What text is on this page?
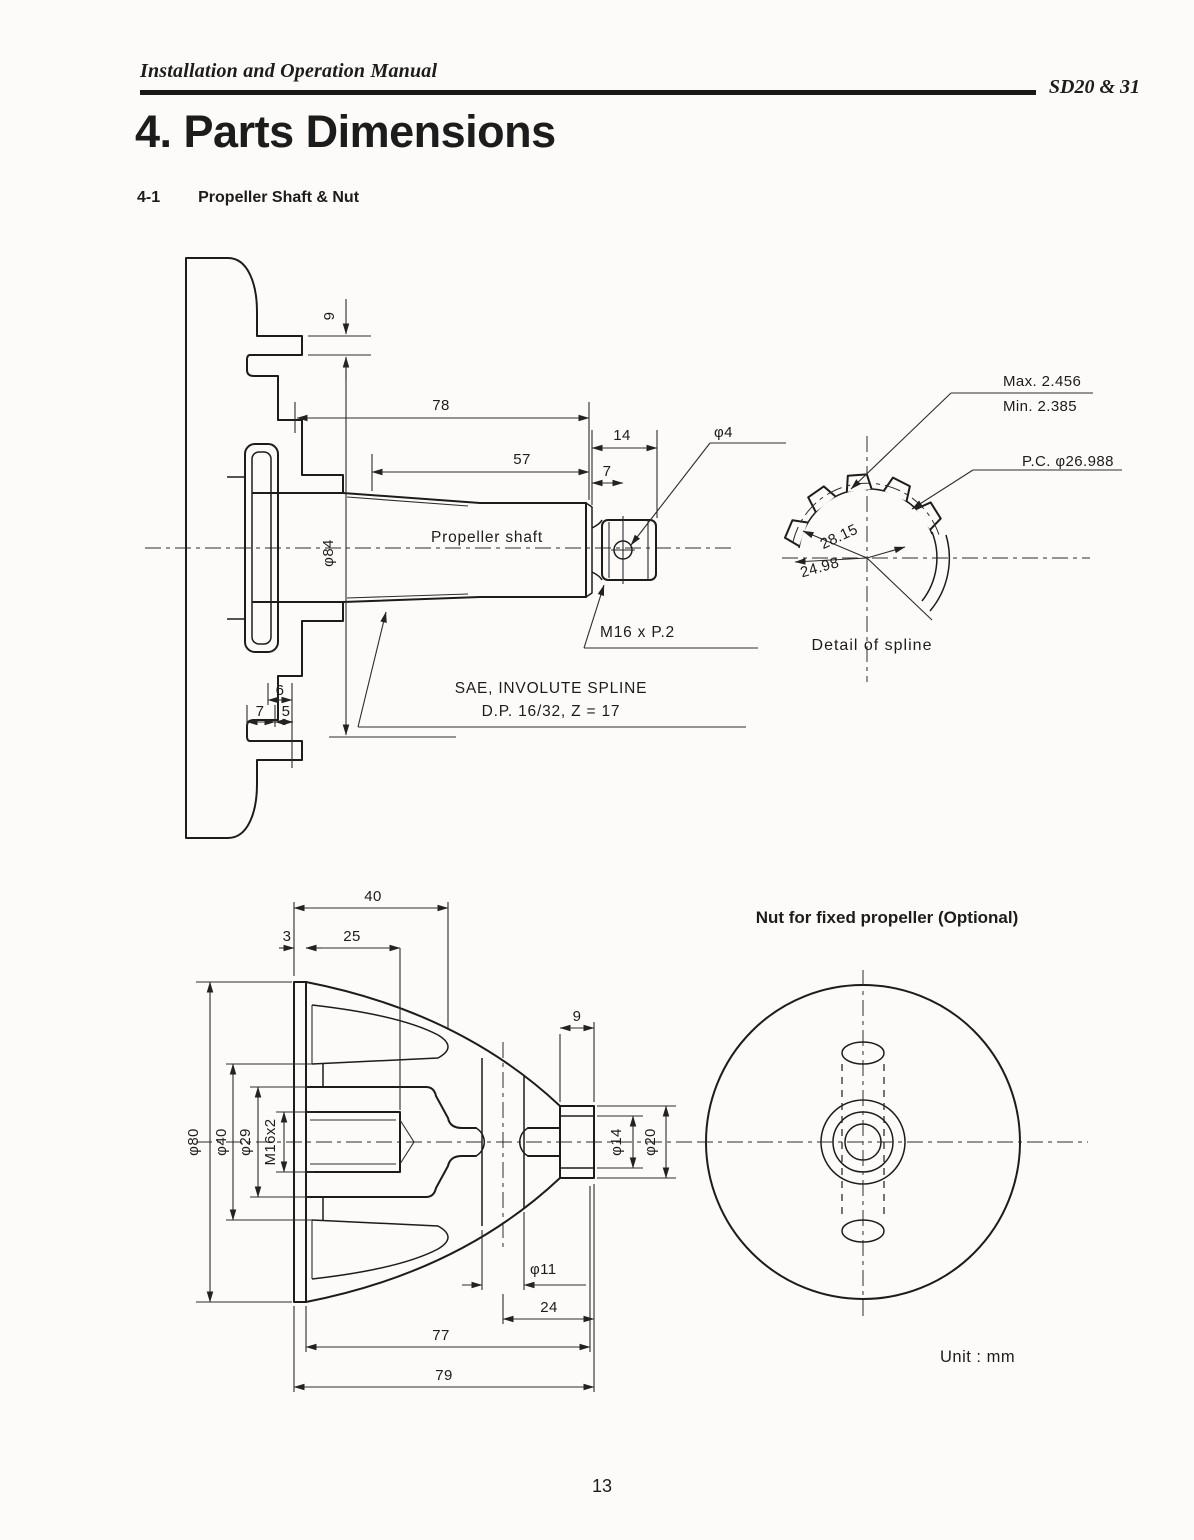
Installation and Operation Manual
SD20 & 31
4. Parts Dimensions
4-1 Propeller Shaft & Nut
Nut for fixed propeller (Optional)
Unit : mm
13
9
φ84
78
57
14
7
φ4
6
7 5
Propeller shaft
SAE, INVOLUTE SPLINE
D.P. 16/32, Z = 17
M16 x P.2
28.15
24.98
Max. 2.456
Min. 2.385
P.C. φ26.988
Detail of spline
40
3	25
9
φ80 φ40 φ29 M16x2	φ14 φ20
φ11
24
77
79
